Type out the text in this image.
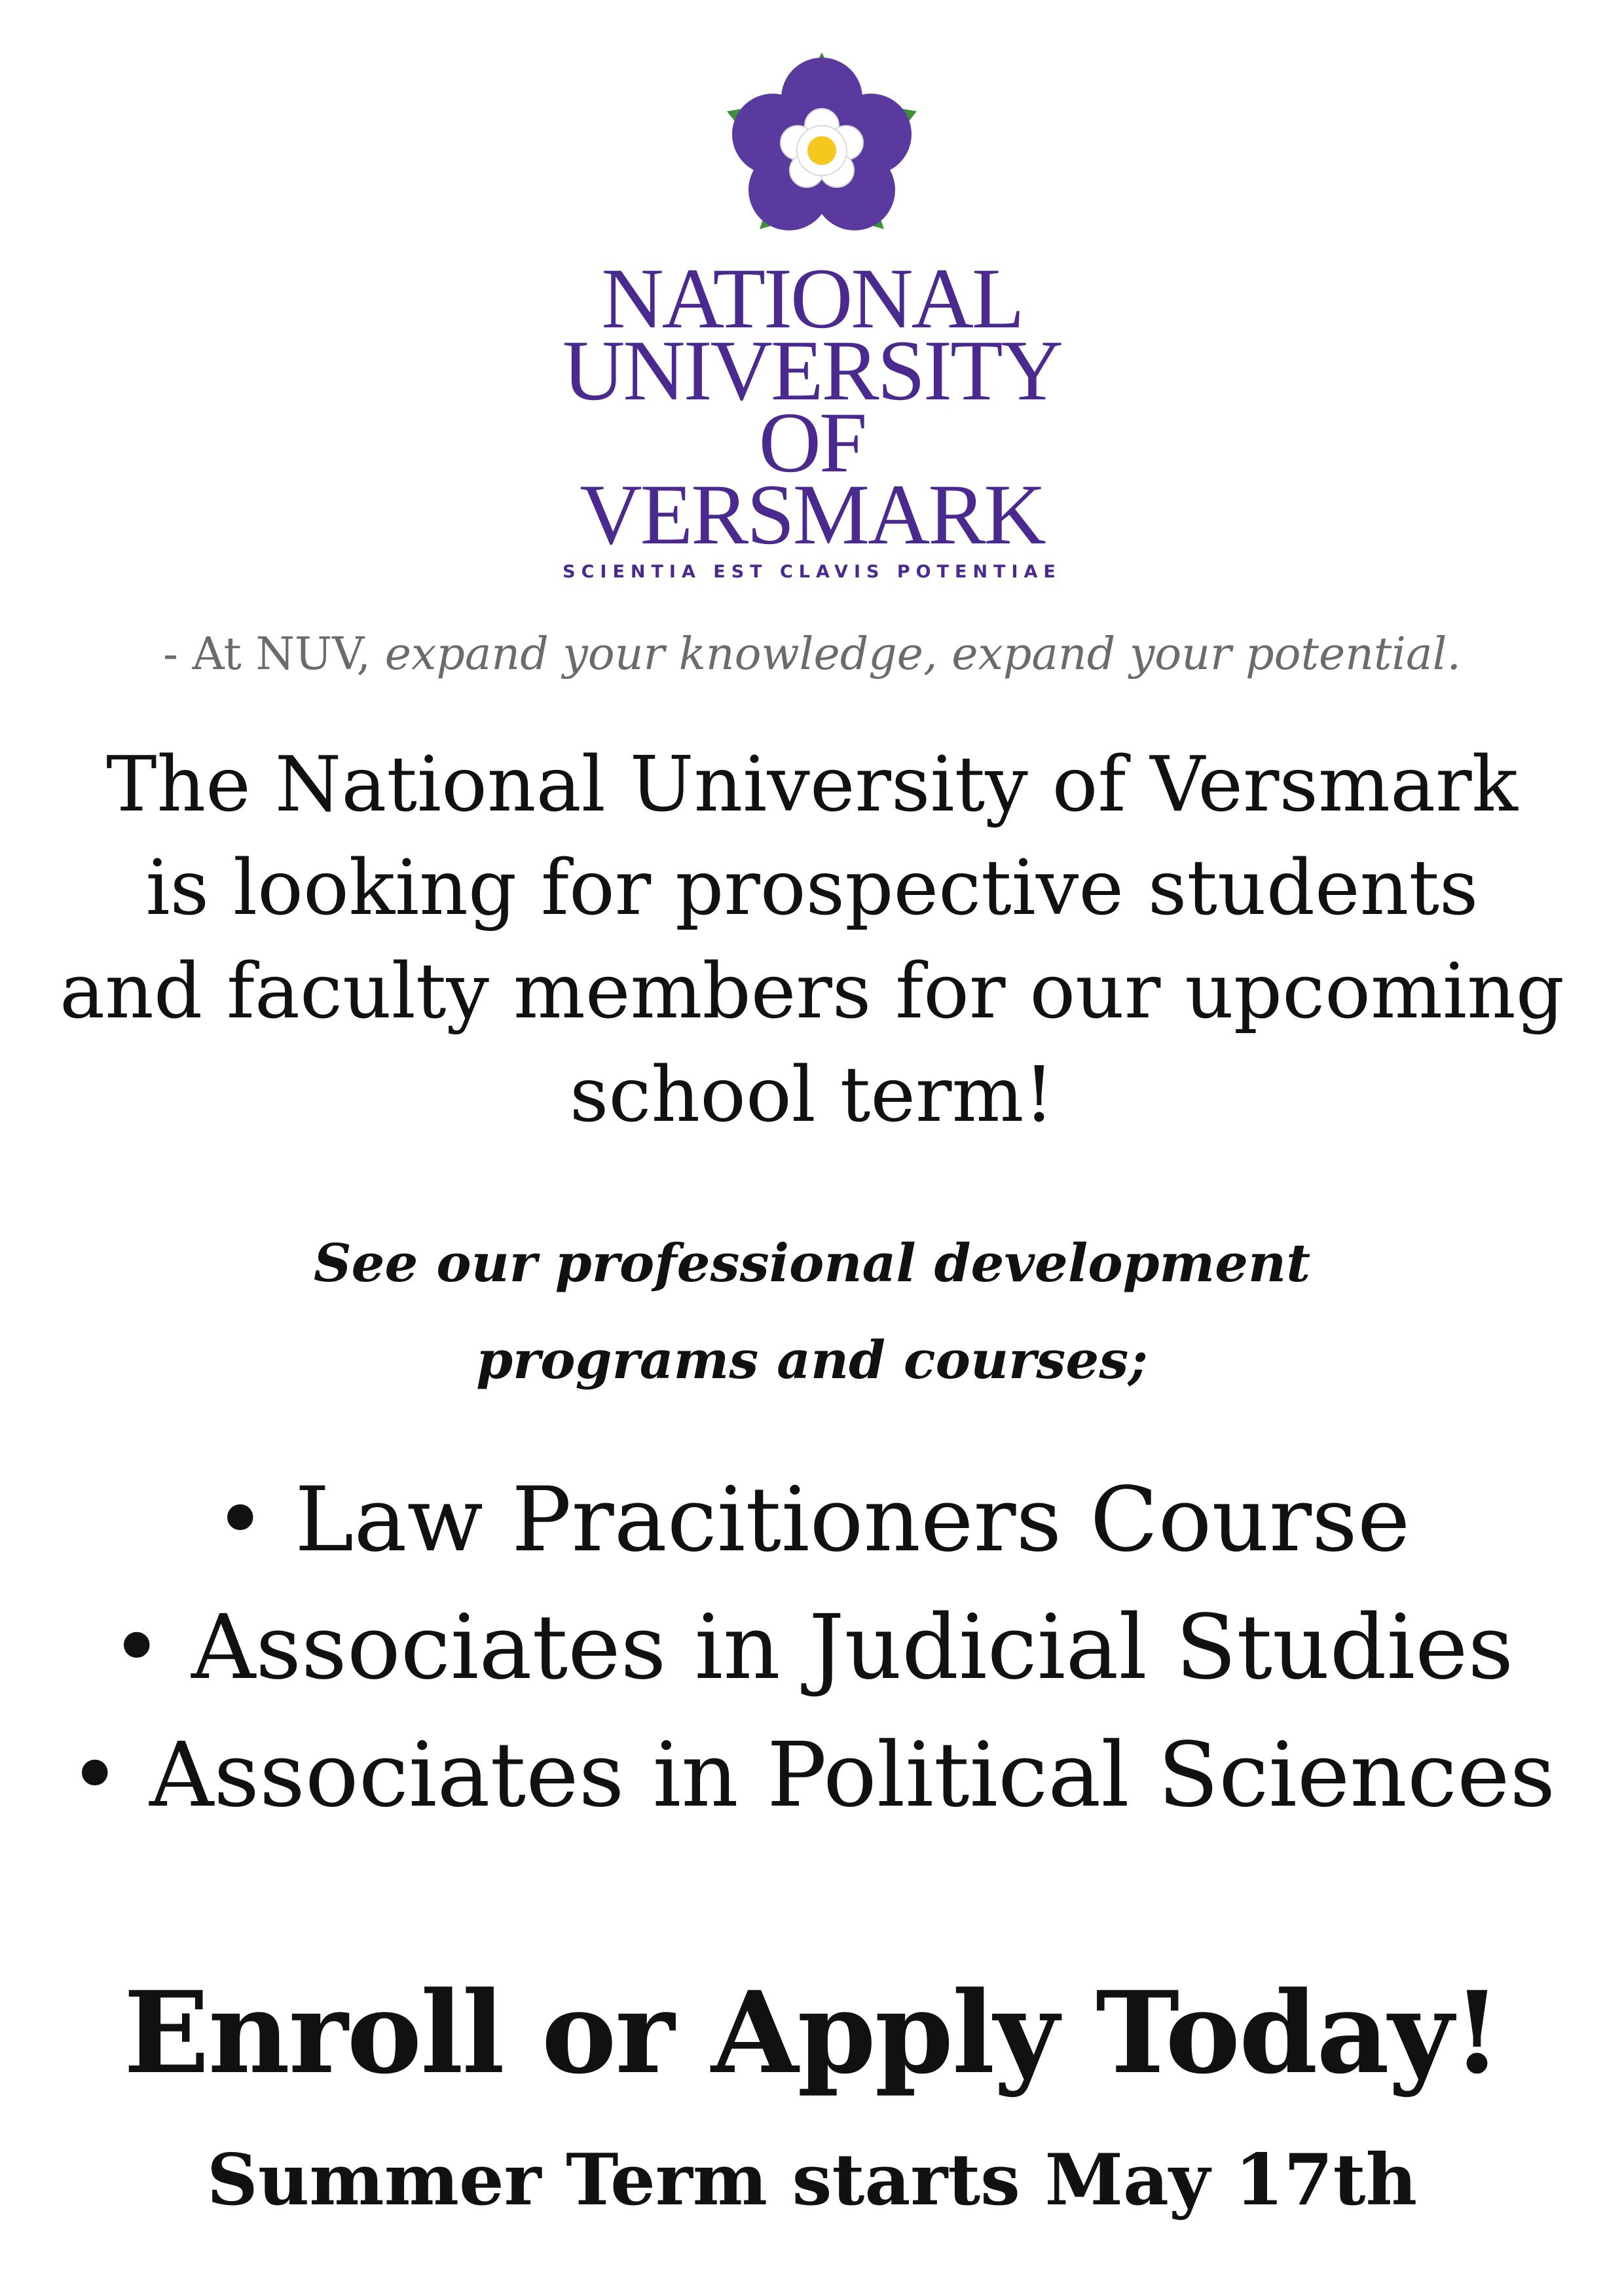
NATIONAL
UNIVERSITY
OF
VERSMARK
SCIENTIA EST CLAVIS POTENTIAE
- At NUV, expand your knowledge, expand your potential.
The National University of Versmark
is looking for prospective students
and faculty members for our upcoming
school term!
See our professional development
programs and courses;
• Law Pracitioners Course
• Associates in Judicial Studies
• Associates in Political Sciences
Enroll or Apply Today!
Summer Term starts May 17th
